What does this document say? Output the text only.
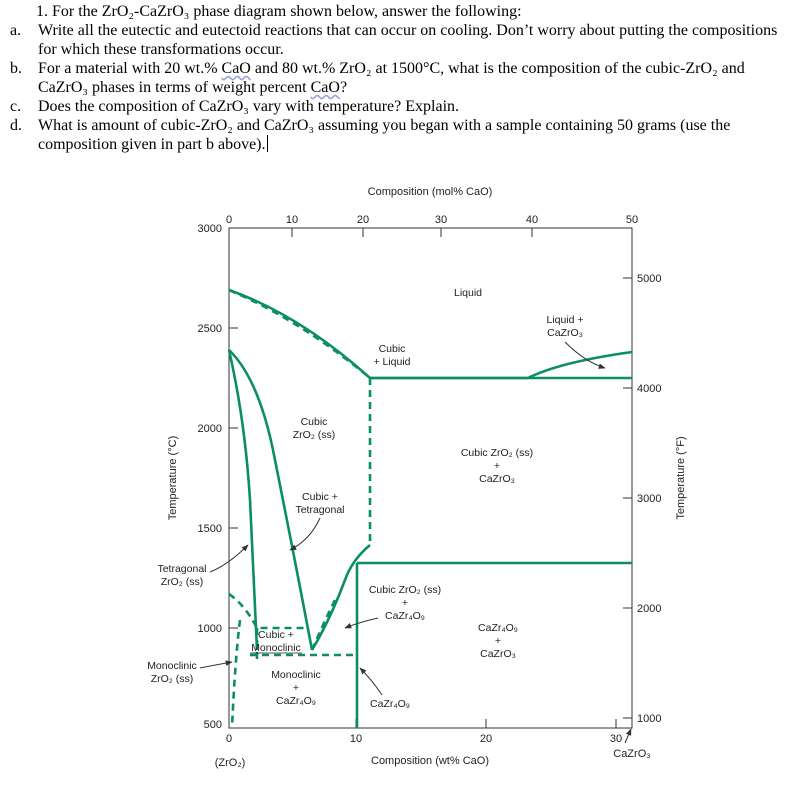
1. For the ZrO₂-CaZrO₃ phase diagram shown below, answer the following:
a.	Write all the eutectic and eutectoid reactions that can occur on cooling. Don’t worry about putting the compositions for which these transformations occur.
b.	For a material with 20 wt.% CaO and 80 wt.% ZrO₂ at 1500°C, what is the composition of the cubic-ZrO₂ and CaZrO₃ phases in terms of weight percent CaO?
c.	Does the composition of CaZrO₃ vary with temperature? Explain.
d.	What is amount of cubic-ZrO₂ and CaZrO₃ assuming you began with a sample containing 50 grams (use the composition given in part b above).
0	10	20	30	40	50
Composition (mol% CaO)
3000
2500
2000
1500
1000
500
Temperature (°C)
5000
4000
3000
2000
1000
Temperature (°F)
0	10	20	30
(ZrO₂)	Composition (wt% CaO)
CaZrO₃
Liquid
Liquid +
CaZrO₃
Cubic
+ Liquid
Cubic
ZrO₂ (ss)
Cubic ZrO₂ (ss)
+
CaZrO₃
Cubic +
Tetragonal
Tetragonal
ZrO₂ (ss)
Cubic ZrO₂ (ss)
+
CaZr₄O₉
Cubic +
Monoclinic
CaZr₄O₉
+
CaZrO₃
Monoclinic
ZrO₂ (ss)	Monoclinic
+
CaZr₄O₉	CaZr₄O₉
